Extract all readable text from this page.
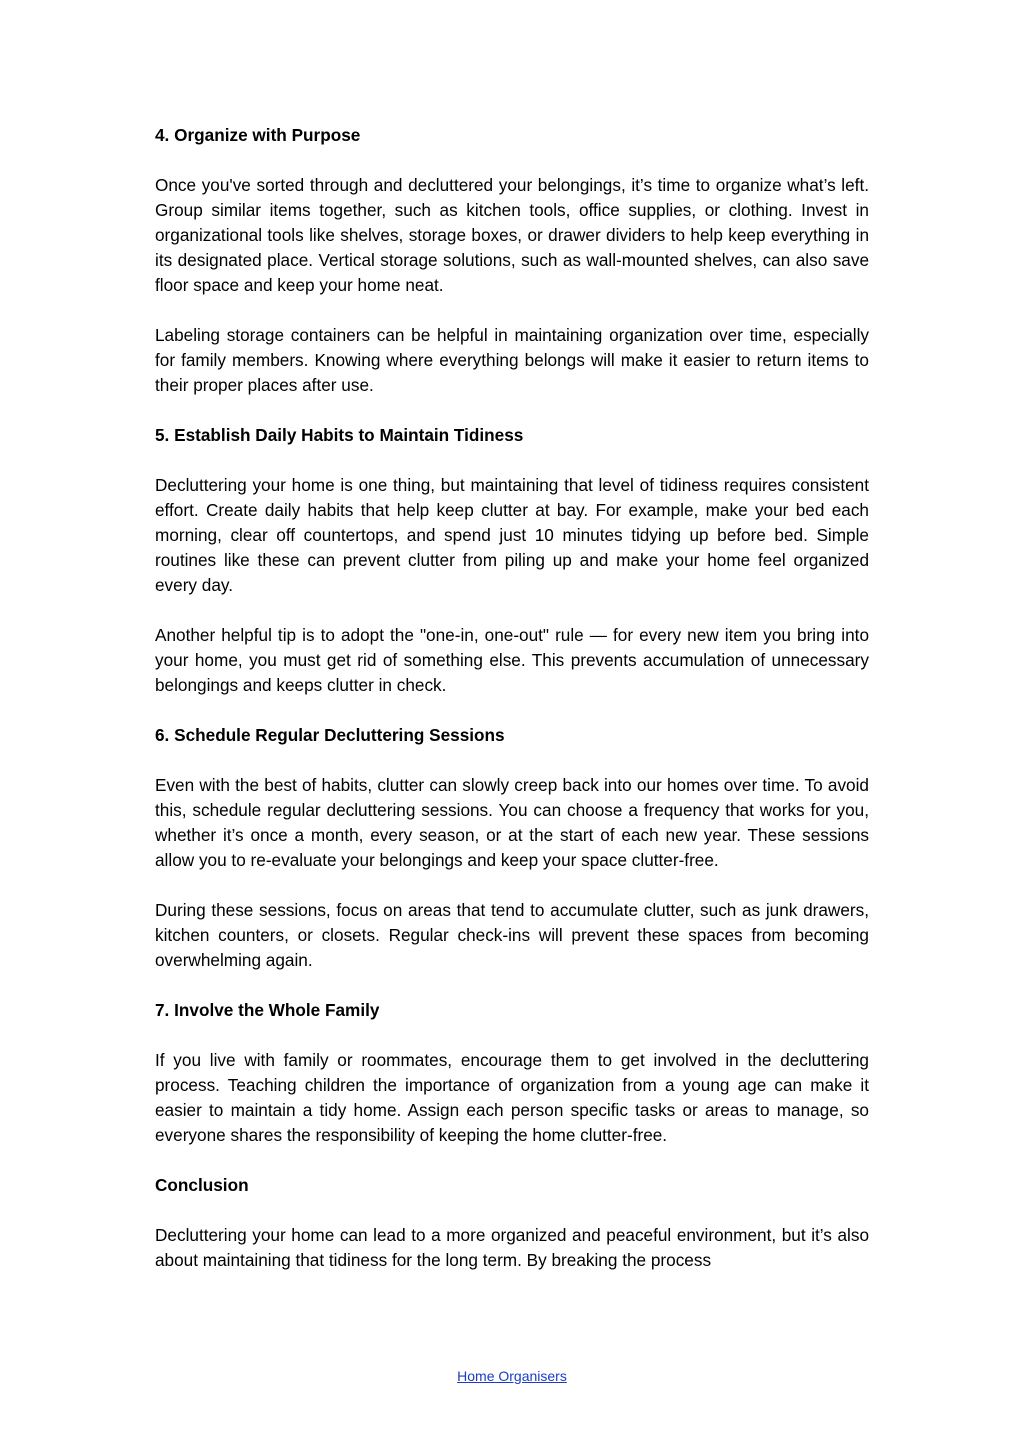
4. Organize with Purpose

Once you've sorted through and decluttered your belongings, it’s time to organize what’s left. Group similar items together, such as kitchen tools, office supplies, or clothing. Invest in organizational tools like shelves, storage boxes, or drawer dividers to help keep everything in its designated place. Vertical storage solutions, such as wall-mounted shelves, can also save floor space and keep your home neat.

Labeling storage containers can be helpful in maintaining organization over time, especially for family members. Knowing where everything belongs will make it easier to return items to their proper places after use.

5. Establish Daily Habits to Maintain Tidiness

Decluttering your home is one thing, but maintaining that level of tidiness requires consistent effort. Create daily habits that help keep clutter at bay. For example, make your bed each morning, clear off countertops, and spend just 10 minutes tidying up before bed. Simple routines like these can prevent clutter from piling up and make your home feel organized every day.

Another helpful tip is to adopt the "one-in, one-out" rule — for every new item you bring into your home, you must get rid of something else. This prevents accumulation of unnecessary belongings and keeps clutter in check.

6. Schedule Regular Decluttering Sessions

Even with the best of habits, clutter can slowly creep back into our homes over time. To avoid this, schedule regular decluttering sessions. You can choose a frequency that works for you, whether it’s once a month, every season, or at the start of each new year. These sessions allow you to re-evaluate your belongings and keep your space clutter-free.

During these sessions, focus on areas that tend to accumulate clutter, such as junk drawers, kitchen counters, or closets. Regular check-ins will prevent these spaces from becoming overwhelming again.

7. Involve the Whole Family

If you live with family or roommates, encourage them to get involved in the decluttering process. Teaching children the importance of organization from a young age can make it easier to maintain a tidy home. Assign each person specific tasks or areas to manage, so everyone shares the responsibility of keeping the home clutter-free.

Conclusion

Decluttering your home can lead to a more organized and peaceful environment, but it’s also about maintaining that tidiness for the long term. By breaking the process

Home Organisers
